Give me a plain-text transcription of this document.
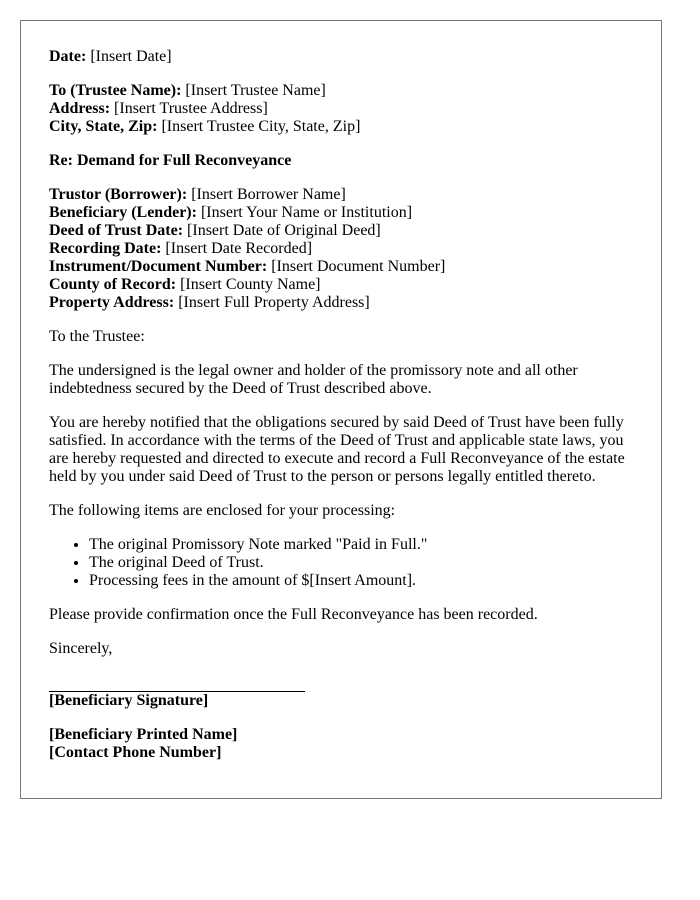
Date: [Insert Date]

To (Trustee Name): [Insert Trustee Name]
Address: [Insert Trustee Address]
City, State, Zip: [Insert Trustee City, State, Zip]

Re: Demand for Full Reconveyance

Trustor (Borrower): [Insert Borrower Name]
Beneficiary (Lender): [Insert Your Name or Institution]
Deed of Trust Date: [Insert Date of Original Deed]
Recording Date: [Insert Date Recorded]
Instrument/Document Number: [Insert Document Number]
County of Record: [Insert County Name]
Property Address: [Insert Full Property Address]

To the Trustee:

The undersigned is the legal owner and holder of the promissory note and all other indebtedness secured by the Deed of Trust described above.

You are hereby notified that the obligations secured by said Deed of Trust have been fully satisfied. In accordance with the terms of the Deed of Trust and applicable state laws, you are hereby requested and directed to execute and record a Full Reconveyance of the estate held by you under said Deed of Trust to the person or persons legally entitled thereto.

The following items are enclosed for your processing:

• The original Promissory Note marked "Paid in Full."
• The original Deed of Trust.
• Processing fees in the amount of $[Insert Amount].

Please provide confirmation once the Full Reconveyance has been recorded.

Sincerely,

[Beneficiary Signature]

[Beneficiary Printed Name]
[Contact Phone Number]
